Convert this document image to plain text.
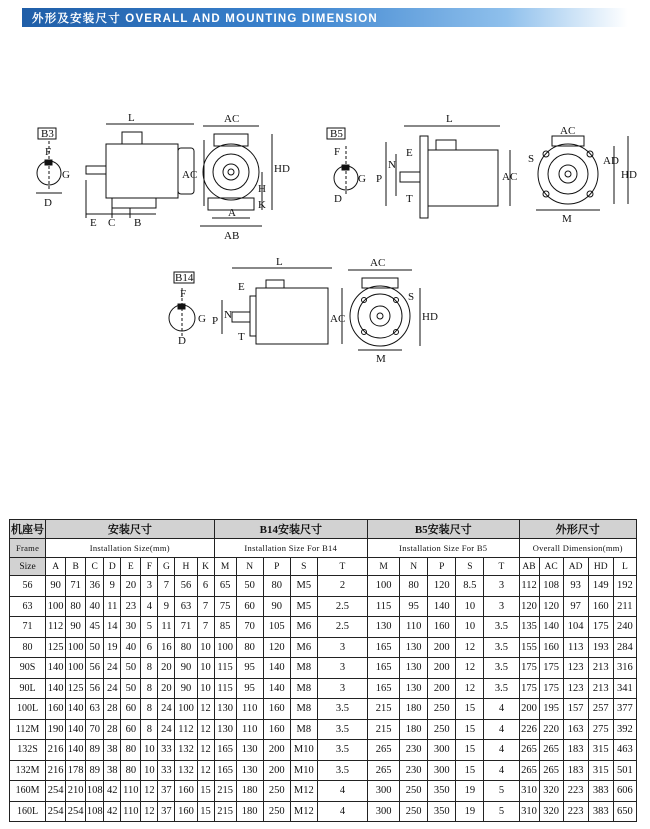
外形及安装尺寸 OVERALL AND MOUNTING DIMENSION
B3
F
G
D
L
E C B
AC	HD
H
A
AB
K
AC
B5
F
G
D
L
E
N
P
T
AC
S	AD
HD
M
AC
B14
F
G
D
L
E
N
P
T
AC
S
HD
M
AC
机座号	安装尺寸									B14安装尺寸					B5安装尺寸					外形尺寸				
Frame	Installation Size(mm)									Installation Size For B14					Installation Size For B5					Overall Dimension(mm)				
Size	A	B	C	D	E	F	G	H	K	M	N	P	S	T	M	N	P	S	T	AB	AC	AD	HD	L
56	90	71	36	9	20	3	7	56	6	65	50	80	M5	2	100	80	120	8.5	3	112	108	93	149	192
63	100	80	40	11	23	4	9	63	7	75	60	90	M5	2.5	115	95	140	10	3	120	120	97	160	211
71	112	90	45	14	30	5	11	71	7	85	70	105	M6	2.5	130	110	160	10	3.5	135	140	104	175	240
80	125	100	50	19	40	6	16	80	10	100	80	120	M6	3	165	130	200	12	3.5	155	160	113	193	284
90S	140	100	56	24	50	8	20	90	10	115	95	140	M8	3	165	130	200	12	3.5	175	175	123	213	316
90L	140	125	56	24	50	8	20	90	10	115	95	140	M8	3	165	130	200	12	3.5	175	175	123	213	341
100L	160	140	63	28	60	8	24	100	12	130	110	160	M8	3.5	215	180	250	15	4	200	195	157	257	377
112M	190	140	70	28	60	8	24	112	12	130	110	160	M8	3.5	215	180	250	15	4	226	220	163	275	392
132S	216	140	89	38	80	10	33	132	12	165	130	200	M10	3.5	265	230	300	15	4	265	265	183	315	463
132M	216	178	89	38	80	10	33	132	12	165	130	200	M10	3.5	265	230	300	15	4	265	265	183	315	501
160M	254	210	108	42	110	12	37	160	15	215	180	250	M12	4	300	250	350	19	5	310	320	223	383	606
160L	254	254	108	42	110	12	37	160	15	215	180	250	M12	4	300	250	350	19	5	310	320	223	383	650
